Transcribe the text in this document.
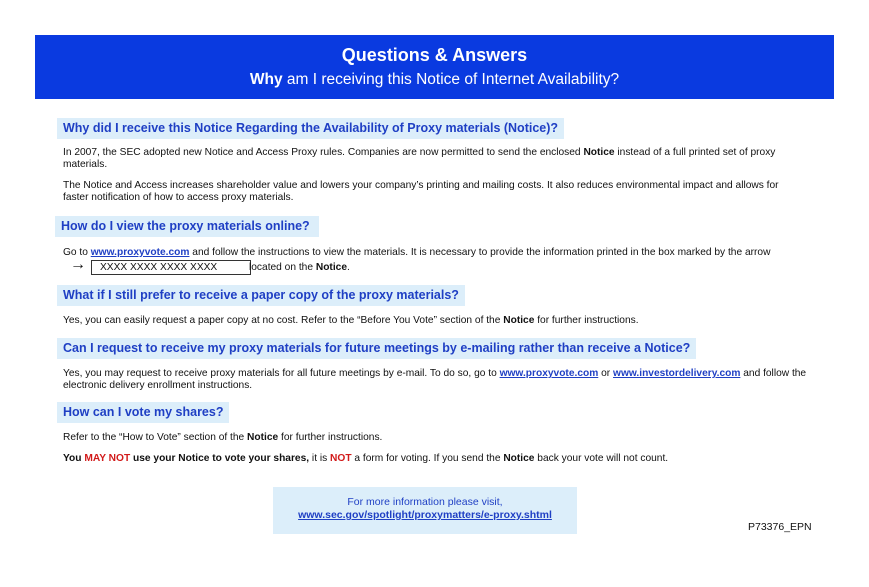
Questions & Answers
Why am I receiving this Notice of Internet Availability?
Why did I receive this Notice Regarding the Availability of Proxy materials (Notice)?
In 2007, the SEC adopted new Notice and Access Proxy rules. Companies are now permitted to send the enclosed Notice instead of a full printed set of proxy materials.
The Notice and Access increases shareholder value and lowers your company’s printing and mailing costs. It also reduces environmental impact and allows for faster notification of how to access proxy materials.
How do I view the proxy materials online?
Go to www.proxyvote.com and follow the instructions to view the materials. It is necessary to provide the information printed in the box marked by the arrow
→	XXXX XXXX XXXX XXXX	located on the Notice.
What if I still prefer to receive a paper copy of the proxy materials?
Yes, you can easily request a paper copy at no cost. Refer to the “Before You Vote” section of the Notice for further instructions.
Can I request to receive my proxy materials for future meetings by e-mailing rather than receive a Notice?
Yes, you may request to receive proxy materials for all future meetings by e-mail. To do so, go to www.proxyvote.com or www.investordelivery.com and follow the electronic delivery enrollment instructions.
How can I vote my shares?
Refer to the “How to Vote” section of the Notice for further instructions.
You MAY NOT use your Notice to vote your shares, it is NOT a form for voting. If you send the Notice back your vote will not count.
For more information please visit,
www.sec.gov/spotlight/proxymatters/e-proxy.shtml
P73376_EPN
